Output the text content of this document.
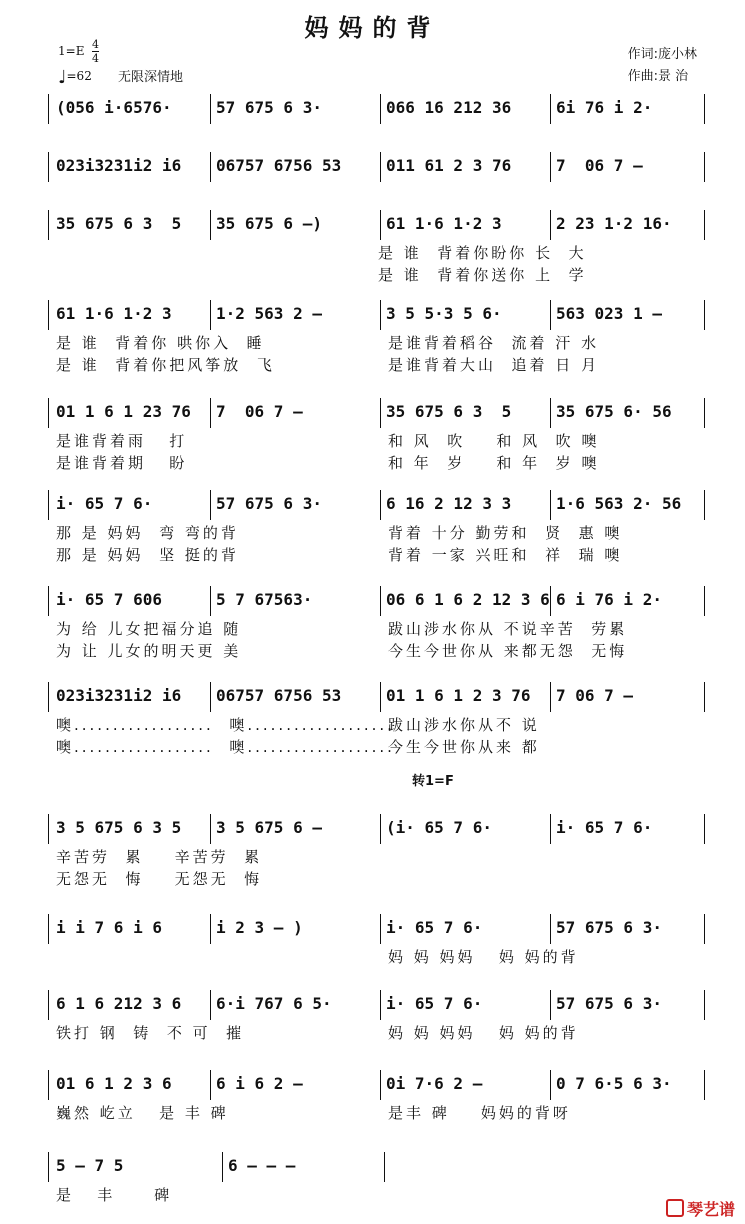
妈妈的背
$1=E \frac{4}{4}$
♩=62 无限深情地
作词:庞小林
作曲:景 治
(056 i·6576·	57 675 6 3·	066 16 212 36	6i 76 i 2·
023i3231i2 i6	06757 6756 53	011 61 2 3 76	7  06 7 –
35 675 6 3  5	35 675 6 –)	61 1·6 1·2 3	2 23 1·2 16·
是 谁  背着你盼你 长  大
是 谁  背着你送你 上  学
61 1·6 1·2 3	1·2 563 2 –	3 5 5·3 5 6·	563 023 1 –
是 谁  背着你 哄你入  睡	是谁背着稻谷  流着 汗 水
是 谁  背着你把风筝放  飞	是谁背着大山  追着 日 月
01 1 6 1 23 76	7  06 7 –	35 675 6 3  5	35 675 6· 56
是谁背着雨   打	和 风  吹    和 风  吹 噢
是谁背着期   盼	和 年  岁    和 年  岁 噢
i· 65 7 6·	57 675 6 3·	6 16 2 12 3 3	1·6 563 2· 56
那 是 妈妈  弯 弯的背	背着 十分 勤劳和  贤  惠 噢
那 是 妈妈  坚 挺的背	背着 一家 兴旺和  祥  瑞 噢
i· 65 7 606	5 7 67563·	06 6 1 6 2 12 3 6 6 i 76 i 2·
为 给 儿女把福分追 随	跋山涉水你从 不说辛苦  劳累
为 让 儿女的明天更 美	今生今世你从 来都无怨  无悔
023i3231i2 i6	06757 6756 53	01 1 6 1 2 3 76	7 06 7 –
噢..................  噢...................
跋山涉水你从不 说
噢..................  噢...................
今生今世你从来 都
3 5 675 6 3 5	3 5 675 6 –	(i· 65 7 6·	i· 65 7 6·
辛苦劳  累    辛苦劳  累
无怨无  悔    无怨无  悔
i i 7 6 i 6	i 2 3 – )	i· 65 7 6·	57 675 6 3·
妈 妈 妈妈   妈 妈的背
6 1 6 212 3 6	6·i 767 6 5·	i· 65 7 6·	57 675 6 3·
铁打 钢  铸  不 可  摧	妈 妈 妈妈   妈 妈的背
01 6 1 2 3 6	6 i 6 2 –	0i 7·6 2 –	0 7 6·5 6 3·
巍然 屹立   是 丰 碑	是丰 碑    妈妈的背呀
5 – 7 5	6 – – –
是   丰     碑
转1=F
琴艺谱
